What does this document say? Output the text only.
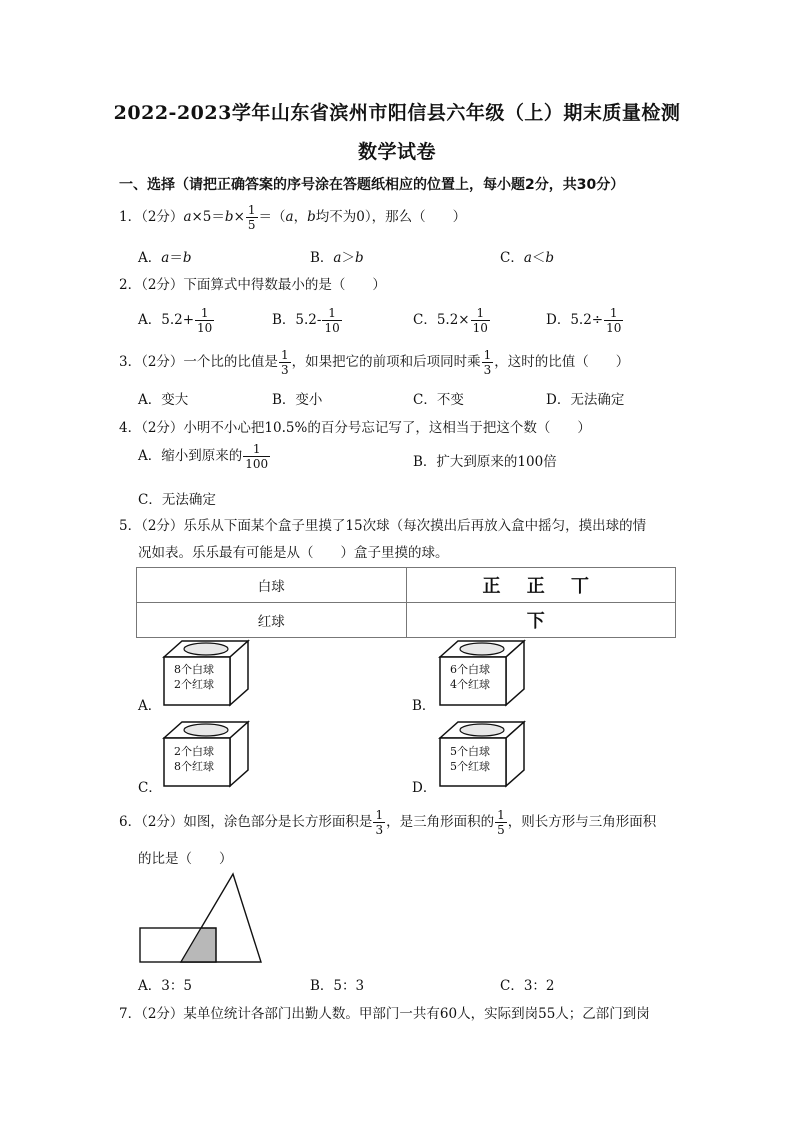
2022-2023学年山东省滨州市阳信县六年级（上）期末质量检测
数学试卷
一、选择（请把正确答案的序号涂在答题纸相应的位置上，每小题2分，共30分）
1．（2分）$a\times 5=b\times \frac{1}{5} =(a$，b均不为0），那么（　　）
A．a＝b	B．a＞b	C．a＜b
2．（2分）下面算式中得数最小的是（　　）
A．$5.2+ \frac{1}{10}$	B．$5.2- \frac{1}{10}$	C．$5.2\times \frac{1}{10}$	D．$5.2\div \frac{1}{10}$
3．（2分）一个比的比值是 $\frac{1}{3}$ ，如果把它的前项和后项同时乘 $\frac{1}{3}$ ，这时的比值（　　）
A．变大	B．变小	C．不变	D．无法确定
4．（2分）小明不小心把10.5%的百分号忘记写了，这相当于把这个数（　　）
A．缩小到原来的 $\frac{1}{100}$	B．扩大到原来的100倍
C．无法确定
5．（2分）乐乐从下面某个盒子里摸了15次球（每次摸出后再放入盒中摇匀，摸出球的情
况如表。乐乐最有可能是从（　　）盒子里摸的球。
白球	正 正 丅
红球	下
A．	B．
C．	D．
8个白球
2个红球
6个白球
4个红球
2个白球
8个红球
5个白球
5个红球
6．（2分）如图，涂色部分是长方形面积是 $\frac{1}{3}$ ，是三角形面积的 $\frac{1}{5}$ ，则长方形与三角形面积
的比是（　　）
A．3：5	B．5：3	C．3：2
7．（2分）某单位统计各部门出勤人数。甲部门一共有60人，实际到岗55人；乙部门到岗
